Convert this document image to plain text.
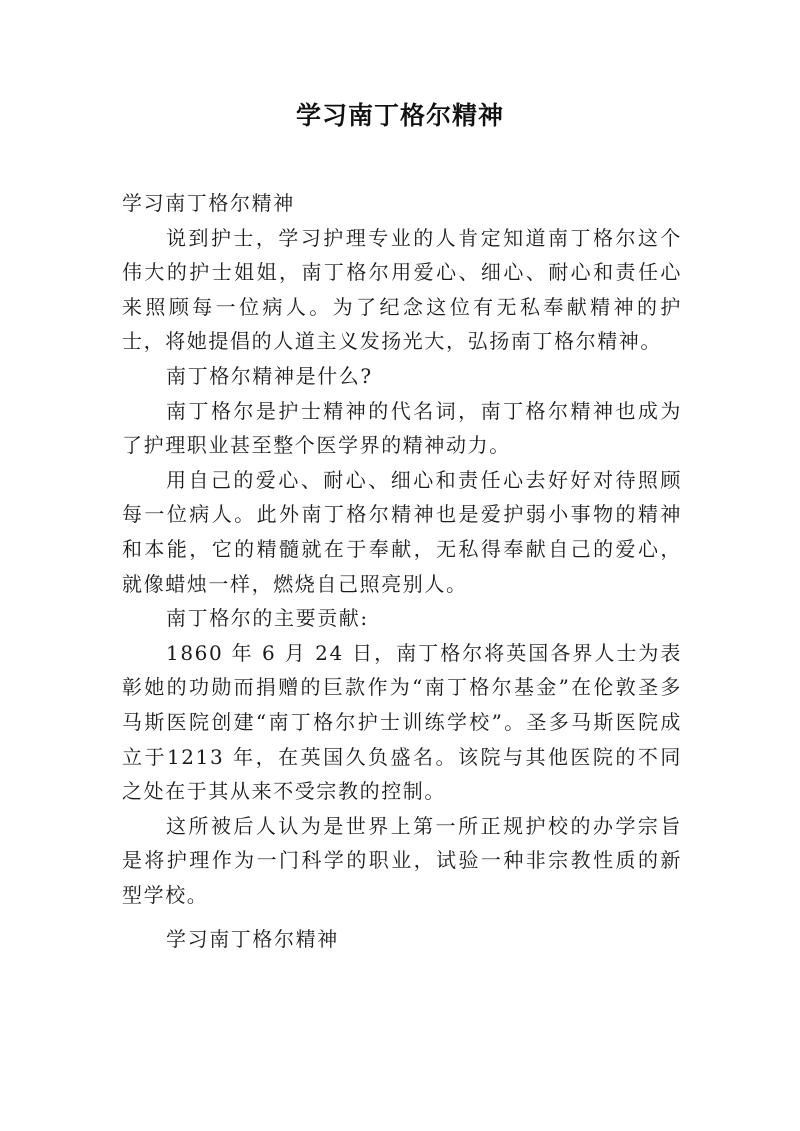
学习南丁格尔精神

学习南丁格尔精神

说到护士，学习护理专业的人肯定知道南丁格尔这个伟大的护士姐姐，南丁格尔用爱心、细心、耐心和责任心来照顾每一位病人。为了纪念这位有无私奉献精神的护士，将她提倡的人道主义发扬光大，弘扬南丁格尔精神。

南丁格尔精神是什么?

南丁格尔是护士精神的代名词，南丁格尔精神也成为了护理职业甚至整个医学界的精神动力。

用自己的爱心、耐心、细心和责任心去好好对待照顾每一位病人。此外南丁格尔精神也是爱护弱小事物的精神和本能，它的精髓就在于奉献，无私得奉献自己的爱心，就像蜡烛一样，燃烧自己照亮别人。

南丁格尔的主要贡献:

1860 年 6 月 24 日，南丁格尔将英国各界人士为表彰她的功勋而捐赠的巨款作为“南丁格尔基金”在伦敦圣多马斯医院创建“南丁格尔护士训练学校”。圣多马斯医院成立于1213 年，在英国久负盛名。该院与其他医院的不同之处在于其从来不受宗教的控制。

这所被后人认为是世界上第一所正规护校的办学宗旨是将护理作为一门科学的职业，试验一种非宗教性质的新型学校。

学习南丁格尔精神
